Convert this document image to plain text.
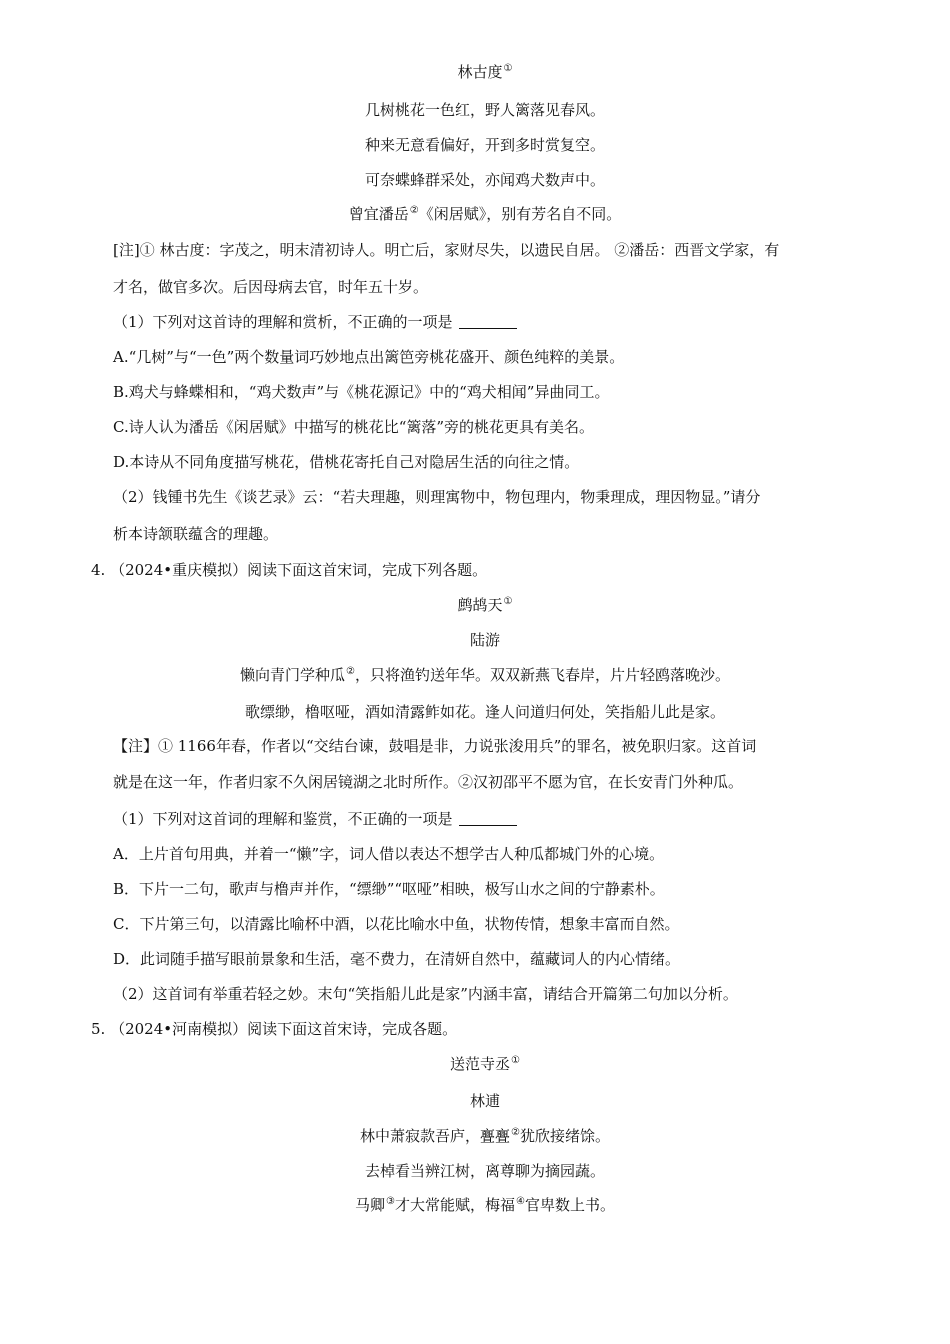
林古度①
几树桃花一色红，野人篱落见春风。
种来无意看偏好，开到多时赏复空。
可奈蝶蜂群采处，亦闻鸡犬数声中。
曾宜潘岳②《闲居赋》，别有芳名自不同。
[注]① 林古度：字茂之，明末清初诗人。明亡后，家财尽失，以遗民自居。 ②潘岳：西晋文学家，有
才名，做官多次。后因母病去官，时年五十岁。
（1）下列对这首诗的理解和赏析，不正确的一项是
A.“几树”与“一色”两个数量词巧妙地点出篱笆旁桃花盛开、颜色纯粹的美景。
B.鸡犬与蜂蝶相和，“鸡犬数声”与《桃花源记》中的“鸡犬相闻”异曲同工。
C.诗人认为潘岳《闲居赋》中描写的桃花比“篱落”旁的桃花更具有美名。
D.本诗从不同角度描写桃花，借桃花寄托自己对隐居生活的向往之情。
（2）钱锺书先生《谈艺录》云：“若夫理趣，则理寓物中，物包理内，物秉理成，理因物显。”请分
析本诗颔联蕴含的理趣。
4. （2024•重庆模拟）阅读下面这首宋词，完成下列各题。
鹧鸪天①
陆游
懒向青门学种瓜②，只将渔钓送年华。双双新燕飞春岸，片片轻鸥落晚沙。
歌缥缈，橹呕哑，酒如清露鲊如花。逢人问道归何处，笑指船儿此是家。
【注】① 1166年春，作者以“交结台谏，鼓唱是非，力说张浚用兵”的罪名，被免职归家。这首词
就是在这一年，作者归家不久闲居镜湖之北时所作。②汉初邵平不愿为官，在长安青门外种瓜。
（1）下列对这首词的理解和鉴赏，不正确的一项是
A．上片首句用典，并着一“懒”字，词人借以表达不想学古人种瓜都城门外的心境。
B．下片一二句，歌声与橹声并作，“缥缈”“呕哑”相映，极写山水之间的宁静素朴。
C．下片第三句，以清露比喻杯中酒，以花比喻水中鱼，状物传情，想象丰富而自然。
D．此词随手描写眼前景象和生活，毫不费力，在清妍自然中，蕴藏词人的内心情绪。
（2）这首词有举重若轻之妙。末句“笑指船儿此是家”内涵丰富，请结合开篇第二句加以分析。
5. （2024•河南模拟）阅读下面这首宋诗，完成各题。
送范寺丞①
林逋
林中萧寂款吾庐，亹亹②犹欣接绪馀。
去棹看当辨江树，离尊聊为摘园蔬。
马卿③才大常能赋，梅福④官卑数上书。
